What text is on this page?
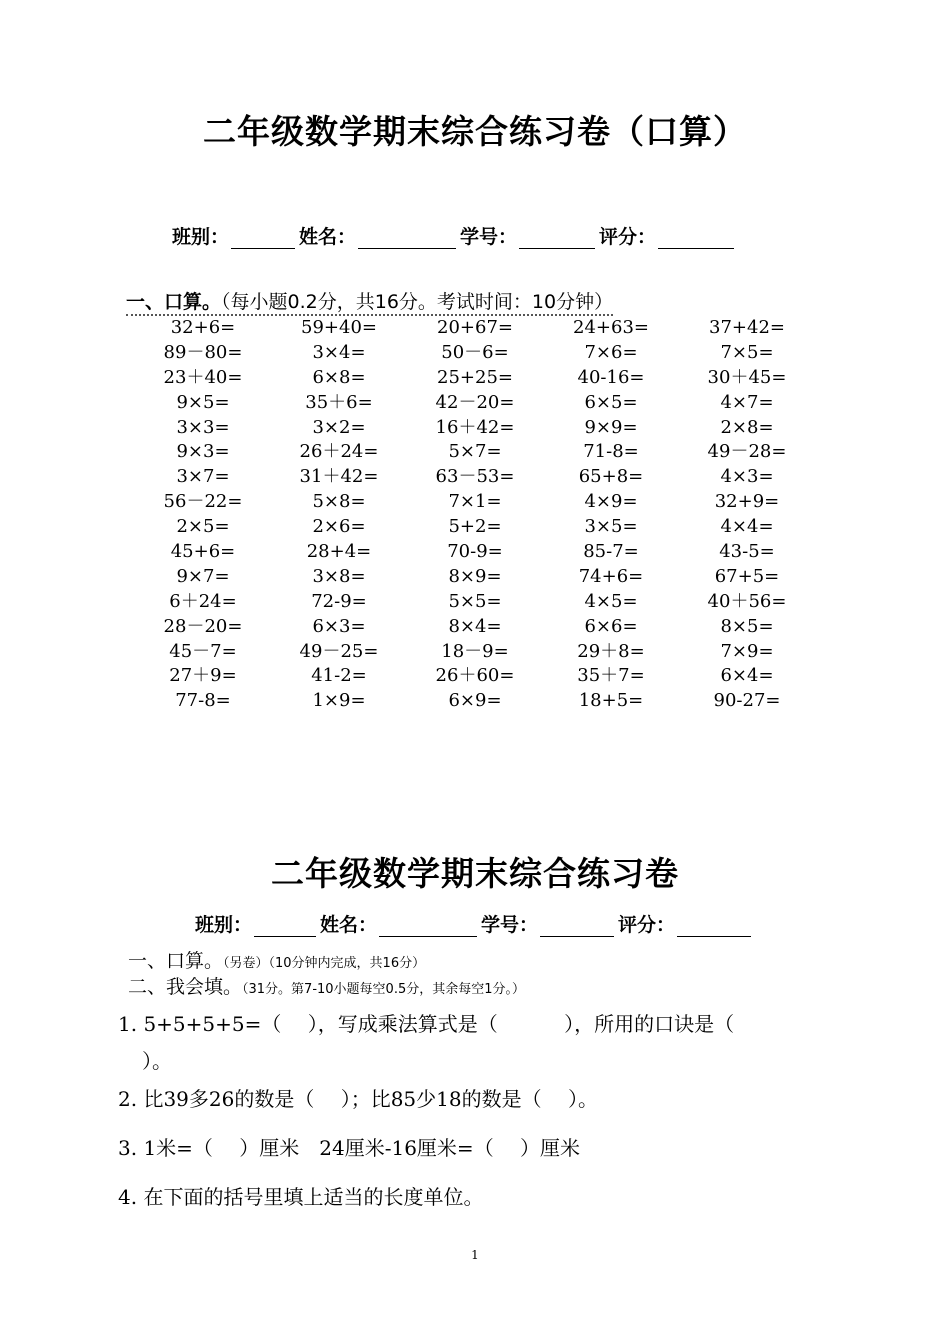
二年级数学期末综合练习卷（口算）
班别：	姓名：	学号：	评分：
一、口算。（每小题0.2分，共16分。考试时间：10分钟）
32+6=	59+40=	20+67=	24+63=	37+42=
89－80=	3×4=	50－6=	7×6=	7×5=
23＋40=	6×8=	25+25=	40-16=	30＋45=
9×5=	35＋6=	42－20=	6×5=	4×7=
3×3=	3×2=	16＋42=	9×9=	2×8=
9×3=	26＋24=	5×7=	71-8=	49－28=
3×7=	31＋42=	63－53=	65+8=	4×3=
56－22=	5×8=	7×1=	4×9=	32+9=
2×5=	2×6=	5+2=	3×5=	4×4=
45+6=	28+4=	70-9=	85-7=	43-5=
9×7=	3×8=	8×9=	74+6=	67+5=
6＋24=	72-9=	5×5=	4×5=	40＋56=
28－20=	6×3=	8×4=	6×6=	8×5=
45－7=	49－25=	18－9=	29＋8=	7×9=
27＋9=	41-2=	26＋60=	35＋7=	6×4=
77-8=	1×9=	6×9=	18+5=	90-27=
二年级数学期末综合练习卷
班别：	姓名：	学号：	评分：
一、口算。（另卷）（10分钟内完成，共16分）
二、我会填。（31分。第7-10小题每空0.5分，其余每空1分。）
1. 5+5+5+5=（　 ），写成乘法算式是（　　　 ），所用的口诀是（
）。
2. 比39多26的数是（　 ）；比85少18的数是（　 ）。
3. 1米=（　 ）厘米　24厘米-16厘米=（　 ）厘米
4. 在下面的括号里填上适当的长度单位。
1
